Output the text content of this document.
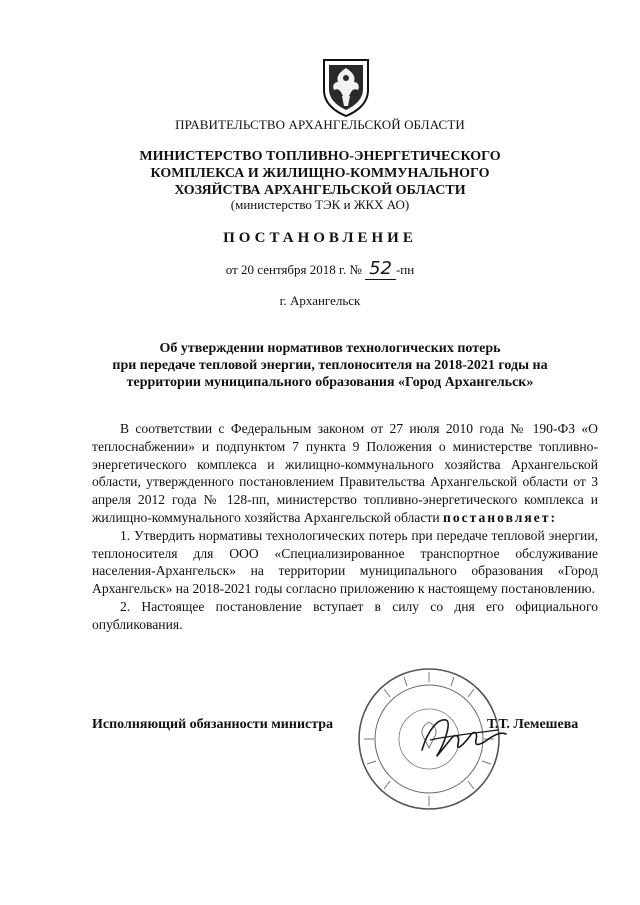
ПРАВИТЕЛЬСТВО АРХАНГЕЛЬСКОЙ ОБЛАСТИ
МИНИСТЕРСТВО ТОПЛИВНО-ЭНЕРГЕТИЧЕСКОГО
КОМПЛЕКСА И ЖИЛИЩНО-КОММУНАЛЬНОГО
ХОЗЯЙСТВА АРХАНГЕЛЬСКОЙ ОБЛАСТИ
(министерство ТЭК и ЖКХ АО)
ПОСТАНОВЛЕНИЕ
от 20 сентября 2018 г. № 52 -пн
г. Архангельск
Об утверждении нормативов технологических потерь
при передаче тепловой энергии, теплоносителя на 2018-2021 годы на
территории муниципального образования «Город Архангельск»

В соответствии с Федеральным законом от 27 июля 2010 года № 190-ФЗ «О теплоснабжении» и подпунктом 7 пункта 9 Положения о министерстве топливно-энергетического комплекса и жилищно-коммунального хозяйства Архангельской области, утвержденного постановлением Правительства Архангельской области от 3 апреля 2012 года № 128-пп, министерство топливно-энергетического комплекса и жилищно-коммунального хозяйства Архангельской области постановляет:

1. Утвердить нормативы технологических потерь при передаче тепловой энергии, теплоносителя для ООО «Специализированное транспортное обслуживание населения-Архангельск» на территории муниципального образования «Город Архангельск» на 2018-2021 годы согласно приложению к настоящему постановлению.

2. Настоящее постановление вступает в силу со дня его официального опубликования.

Исполняющий обязанности министра	Т.Т. Лемешева
